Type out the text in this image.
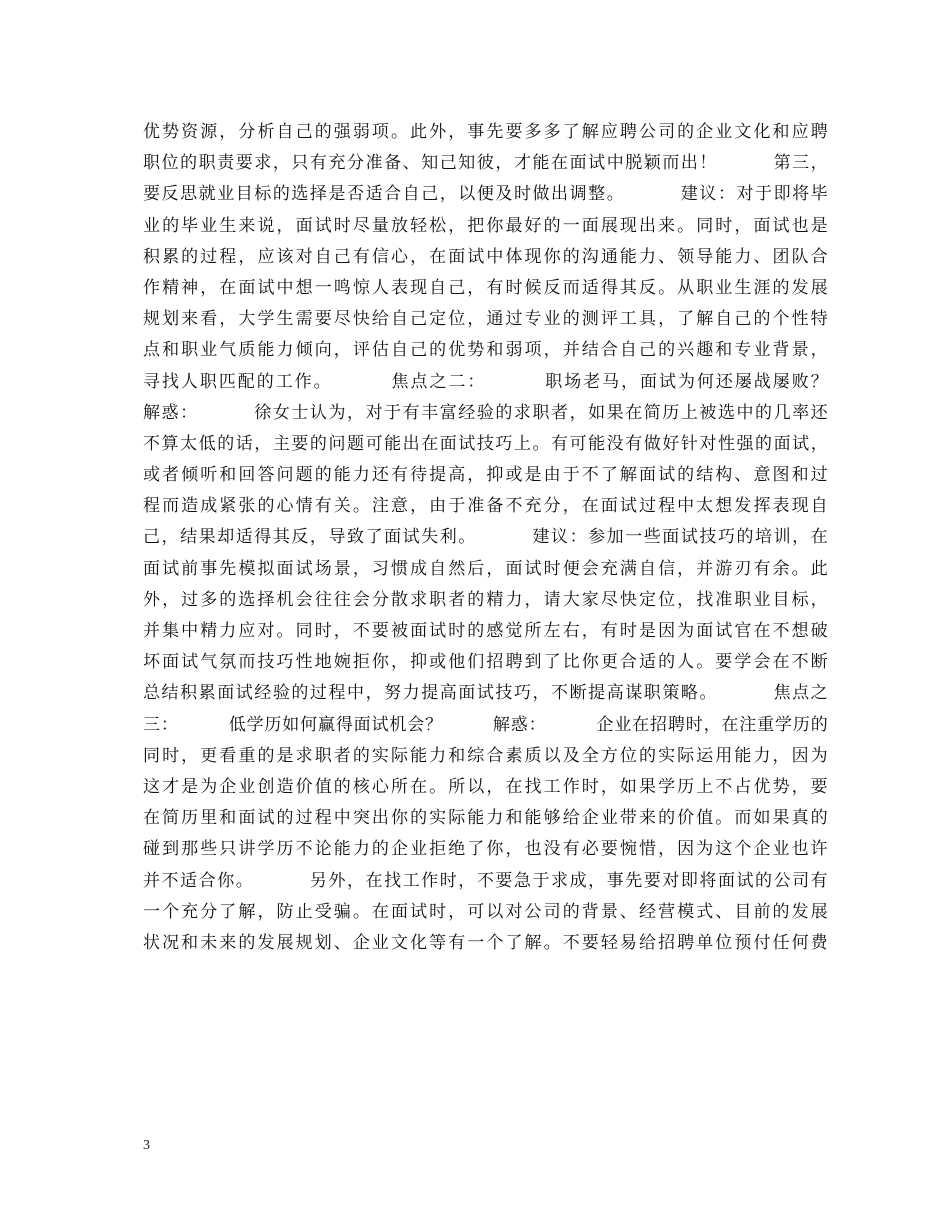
优势资源，分析自己的强弱项。此外，事先要多多了解应聘公司的企业文化和应聘
职位的职责要求，只有充分准备、知己知彼，才能在面试中脱颖而出！        第三，
要反思就业目标的选择是否适合自己，以便及时做出调整。        建议：对于即将毕
业的毕业生来说，面试时尽量放轻松，把你最好的一面展现出来。同时，面试也是
积累的过程，应该对自己有信心，在面试中体现你的沟通能力、领导能力、团队合
作精神，在面试中想一鸣惊人表现自己，有时候反而适得其反。从职业生涯的发展
规划来看，大学生需要尽快给自己定位，通过专业的测评工具，了解自己的个性特
点和职业气质能力倾向，评估自己的优势和弱项，并结合自己的兴趣和专业背景，
寻找人职匹配的工作。        焦点之二：        职场老马，面试为何还屡战屡败？
解惑：        徐女士认为，对于有丰富经验的求职者，如果在简历上被选中的几率还
不算太低的话，主要的问题可能出在面试技巧上。有可能没有做好针对性强的面试，
或者倾听和回答问题的能力还有待提高，抑或是由于不了解面试的结构、意图和过
程而造成紧张的心情有关。注意，由于准备不充分，在面试过程中太想发挥表现自
己，结果却适得其反，导致了面试失利。        建议：参加一些面试技巧的培训，在
面试前事先模拟面试场景，习惯成自然后，面试时便会充满自信，并游刃有余。此
外，过多的选择机会往往会分散求职者的精力，请大家尽快定位，找准职业目标，
并集中精力应对。同时，不要被面试时的感觉所左右，有时是因为面试官在不想破
坏面试气氛而技巧性地婉拒你，抑或他们招聘到了比你更合适的人。要学会在不断
总结积累面试经验的过程中，努力提高面试技巧，不断提高谋职策略。        焦点之
三：        低学历如何赢得面试机会？        解惑：        企业在招聘时，在注重学历的
同时，更看重的是求职者的实际能力和综合素质以及全方位的实际运用能力，因为
这才是为企业创造价值的核心所在。所以，在找工作时，如果学历上不占优势，要
在简历里和面试的过程中突出你的实际能力和能够给企业带来的价值。而如果真的
碰到那些只讲学历不论能力的企业拒绝了你，也没有必要惋惜，因为这个企业也许
并不适合你。        另外，在找工作时，不要急于求成，事先要对即将面试的公司有
一个充分了解，防止受骗。在面试时，可以对公司的背景、经营模式、目前的发展
状况和未来的发展规划、企业文化等有一个了解。不要轻易给招聘单位预付任何费
3
